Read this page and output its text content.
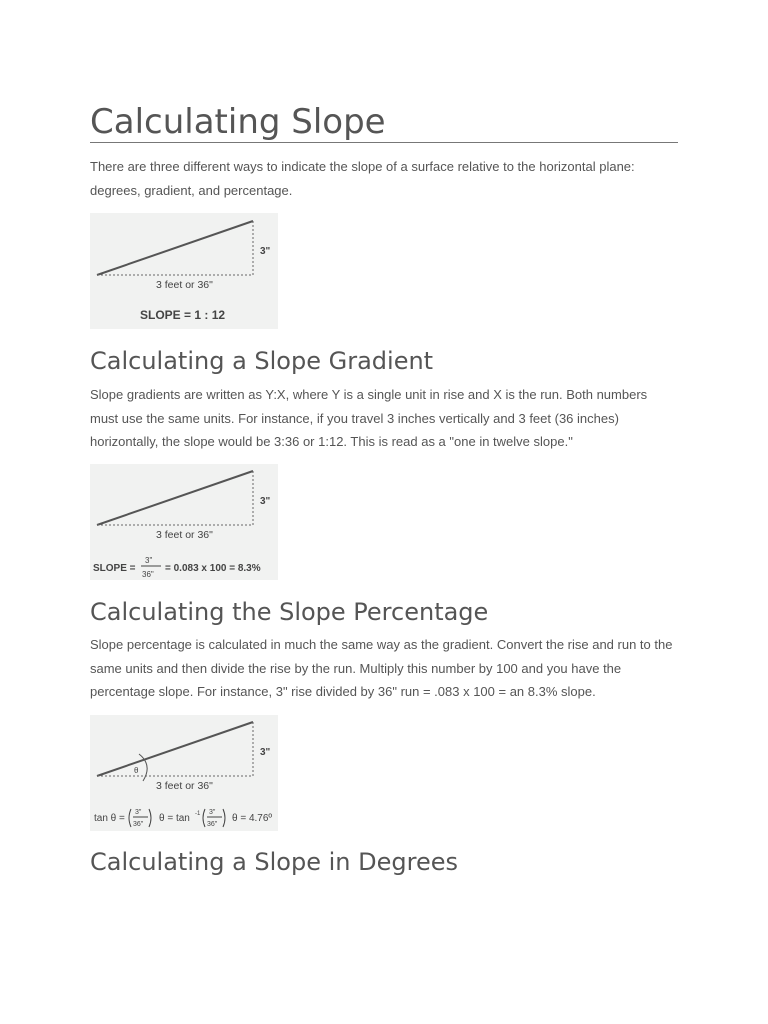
Calculating Slope

There are three different ways to indicate the slope of a surface relative to the horizontal plane: degrees, gradient, and percentage.

3"
3 feet or 36"
SLOPE = 1 : 12
Calculating a Slope Gradient

Slope gradients are written as Y:X, where Y is a single unit in rise and X is the run. Both numbers must use the same units. For instance, if you travel 3 inches vertically and 3 feet (36 inches) horizontally, the slope would be 3:36 or 1:12. This is read as a "one in twelve slope."

3"
3 feet or 36"
SLOPE =
3"
36"
= 0.083 x 100 = 8.3%
Calculating the Slope Percentage

Slope percentage is calculated in much the same way as the gradient. Convert the rise and run to the same units and then divide the rise by the run. Multiply this number by 100 and you have the percentage slope. For instance, 3" rise divided by 36" run = .083 x 100 = an 8.3% slope.

θ
3"
3 feet or 36"
tan θ =
3"
36"
θ = tan -1 3"
36"
θ = 4.76º
Calculating a Slope in Degrees
